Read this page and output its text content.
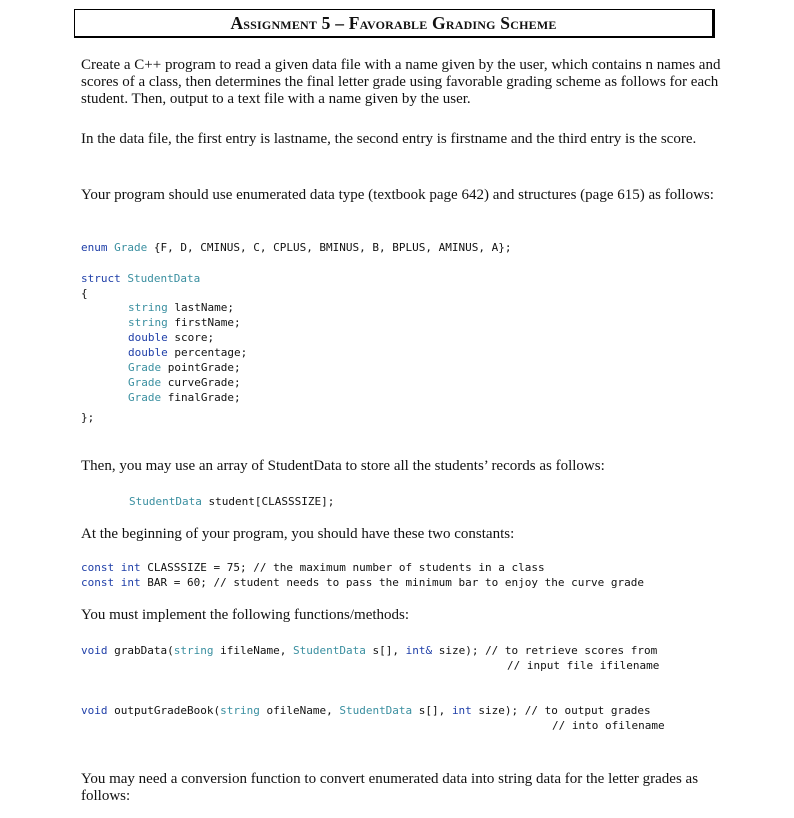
Assignment 5 – Favorable Grading Scheme
Create a C++ program to read a given data file with a name given by the user, which contains n names and scores of a class, then determines the final letter grade using favorable grading scheme as follows for each student. Then, output to a text file with a name given by the user.
In the data file, the first entry is lastname, the second entry is firstname and the third entry is the score.
Your program should use enumerated data type (textbook page 642) and structures (page 615) as follows:
enum Grade {F, D, CMINUS, C, CPLUS, BMINUS, B, BPLUS, AMINUS, A};
struct StudentData
{
string lastName;
string firstName;
double score;
double percentage;
Grade pointGrade;
Grade curveGrade;
Grade finalGrade;
};
Then, you may use an array of StudentData to store all the students’ records as follows:
StudentData student[CLASSSIZE];
At the beginning of your program, you should have these two constants:
const int CLASSSIZE = 75; // the maximum number of students in a class
const int BAR = 60; // student needs to pass the minimum bar to enjoy the curve grade
You must implement the following functions/methods:
void grabData(string ifileName, StudentData s[], int& size); // to retrieve scores from
// input file ifilename
void outputGradeBook(string ofileName, StudentData s[], int size); // to output grades
// into ofilename
You may need a conversion function to convert enumerated data into string data for the letter grades as follows:
